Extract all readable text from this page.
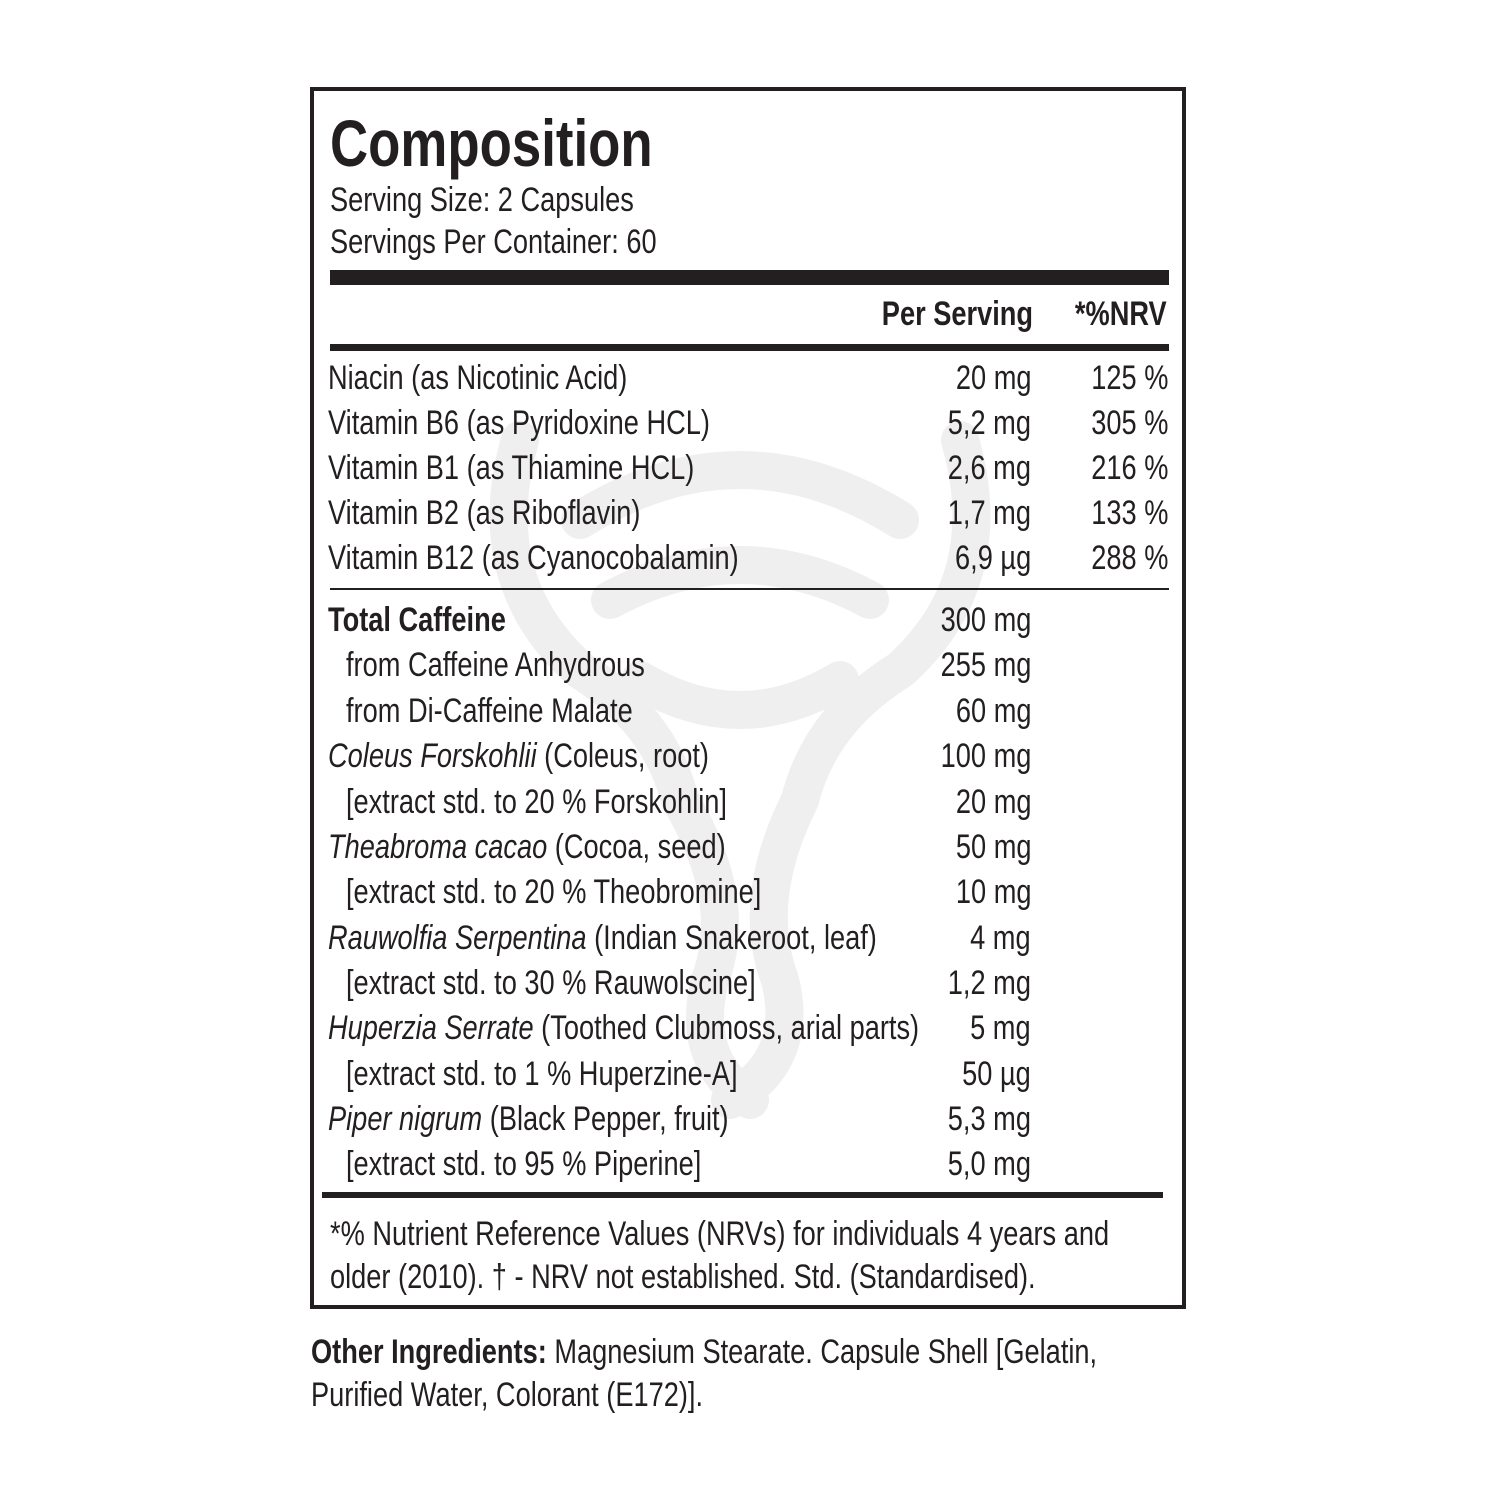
Composition
Serving Size: 2 Capsules
Servings Per Container: 60
Per Serving	*%NRV
Niacin (as Nicotinic Acid)	20 mg 125 %
Vitamin B6 (as Pyridoxine HCL)	5,2 mg 305 %
Vitamin B1 (as Thiamine HCL)	2,6 mg 216 %
Vitamin B2 (as Riboflavin)	1,7 mg 133 %
Vitamin B12 (as Cyanocobalamin)	6,9 µg 288 %
Total Caffeine	300 mg
from Caffeine Anhydrous	255 mg
from Di-Caffeine Malate	60 mg
Coleus Forskohlii (Coleus, root)	100 mg
[extract std. to 20 % Forskohlin]	20 mg
Theabroma cacao (Cocoa, seed)	50 mg
[extract std. to 20 % Theobromine]	10 mg
Rauwolfia Serpentina (Indian Snakeroot, leaf)	4 mg
[extract std. to 30 % Rauwolscine]	1,2 mg
Huperzia Serrate (Toothed Clubmoss, arial parts) 5 mg
[extract std. to 1 % Huperzine-A]	50 µg
Piper nigrum (Black Pepper, fruit)	5,3 mg
[extract std. to 95 % Piperine]	5,0 mg
*% Nutrient Reference Values (NRVs) for individuals 4 years and
older (2010). † - NRV not established. Std. (Standardised).
Other Ingredients: Magnesium Stearate. Capsule Shell [Gelatin,
Purified Water, Colorant (E172)].
